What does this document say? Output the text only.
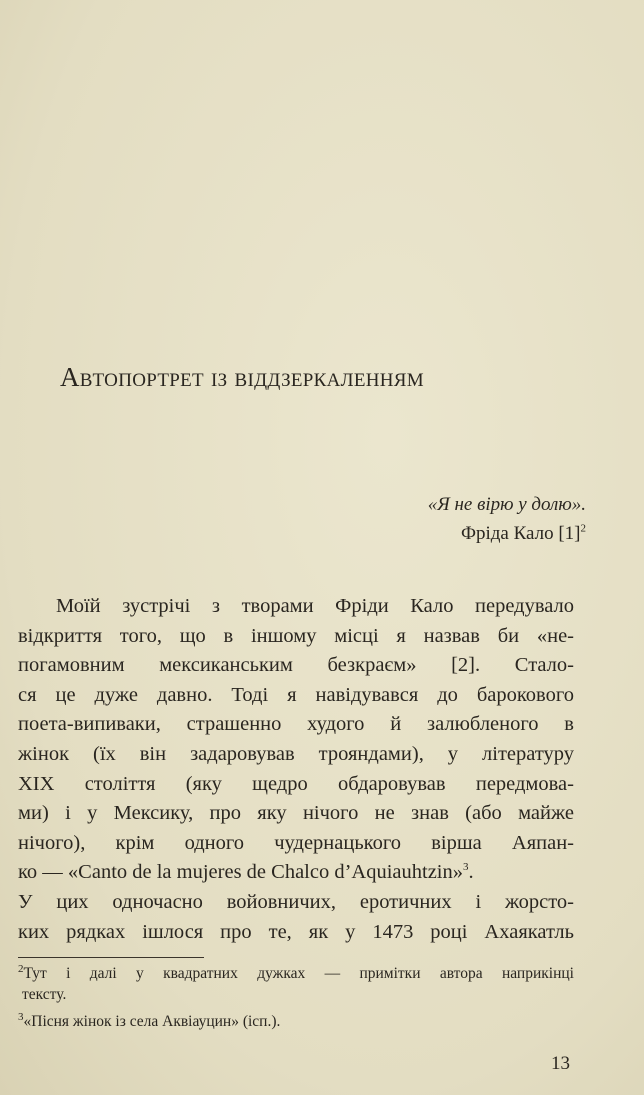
Автопортрет із віддзеркаленням
«Я не вірю у долю».
Фріда Кало $[1]^2$
Моїй зустрічі з творами Фріди Кало передувало
відкриття того, що в іншому місці я назвав би «не-
погамовним мексиканським безкраєм» [2]. Стало-
ся це дуже давно. Тоді я навідувався до барокового
поета-випиваки, страшенно худого й залюбленого в
жінок (їх він задаровував трояндами), у літературу
XIX століття (яку щедро обдаровував передмова-
ми) і у Мексику, про яку нічого не знав (або майже
нічого), крім одного чудернацького вірша Аяпан-
ко — «Canto de la mujeres de Chalco d’Aquiauhtzin»$^3$.
У цих одночасно войовничих, еротичних і жорсто-
ких рядках ішлося про те, як у 1473 році Ахаякатль
$^2$Тут і далі у квадратних дужках — примітки автора наприкінці
тексту.
$^3$«Пісня жінок із села Аквіауцин» (ісп.).
13
